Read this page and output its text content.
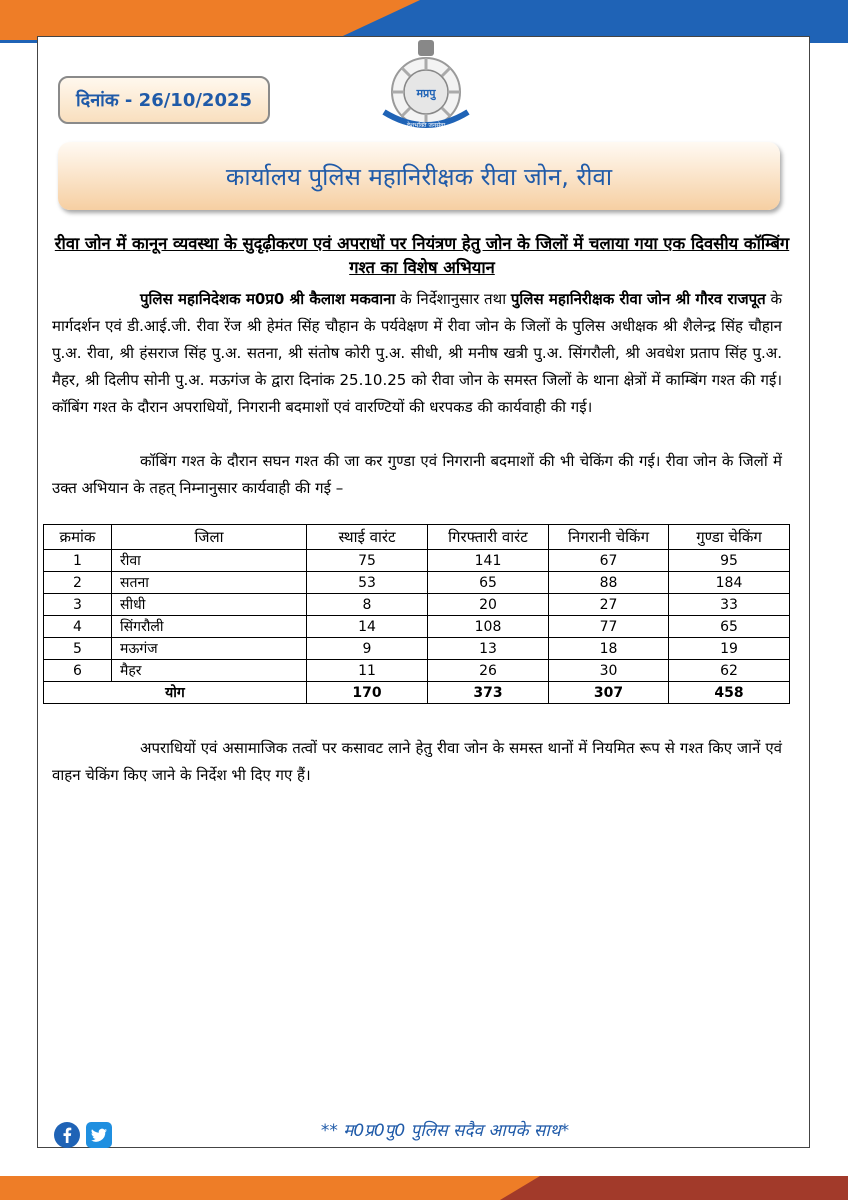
मप्रपु
देशभक्ति जनसेवा
दिनांक - 26/10/2025
कार्यालय पुलिस महानिरीक्षक रीवा जोन, रीवा
रीवा जोन में कानून व्यवस्था के सुदृढ़ीकरण एवं अपराधों पर नियंत्रण हेतु जोन के जिलों में चलाया गया एक दिवसीय कॉम्बिंग गश्त का विशेष अभियान
पुलिस महानिदेशक म0प्र0 श्री कैलाश मकवाना के निर्देशानुसार तथा पुलिस महानिरीक्षक रीवा जोन श्री गौरव राजपूत के मार्गदर्शन एवं डी.आई.जी. रीवा रेंज श्री हेमंत सिंह चौहान के पर्यवेक्षण में रीवा जोन के जिलों के पुलिस अधीक्षक श्री शैलेन्द्र सिंह चौहान पु.अ. रीवा, श्री हंसराज सिंह पु.अ. सतना, श्री संतोष कोरी पु.अ. सीधी, श्री मनीष खत्री पु.अ. सिंगरौली, श्री अवधेश प्रताप सिंह पु.अ. मैहर, श्री दिलीप सोनी पु.अ. मऊगंज के द्वारा दिनांक 25.10.25 को रीवा जोन के समस्त जिलों के थाना क्षेत्रों में काम्बिंग गश्त की गई। कॉबिंग गश्त के दौरान अपराधियों, निगरानी बदमाशों एवं वारण्टियों की धरपकड की कार्यवाही की गई।
कॉबिंग गश्त के दौरान सघन गश्त की जा कर गुण्डा एवं निगरानी बदमाशों की भी चेकिंग की गई। रीवा जोन के जिलों में उक्त अभियान के तहत् निम्नानुसार कार्यवाही की गई –
क्रमांक	जिला	स्थाई वारंट	गिरफ्तारी वारंट	निगरानी चेकिंग	गुण्डा चेकिंग
1	रीवा	75	141	67	95
2	सतना	53	65	88	184
3	सीधी	8	20	27	33
4	सिंगरौली	14	108	77	65
5	मऊगंज	9	13	18	19
6	मैहर	11	26	30	62
योग		170	373	307	458
अपराधियों एवं असामाजिक तत्वों पर कसावट लाने हेतु रीवा जोन के समस्त थानों में नियमित रूप से गश्त किए जानें एवं वाहन चेकिंग किए जाने के निर्देश भी दिए गए हैं।
** म0प्र0पु0 पुलिस सदैव आपके साथ*
